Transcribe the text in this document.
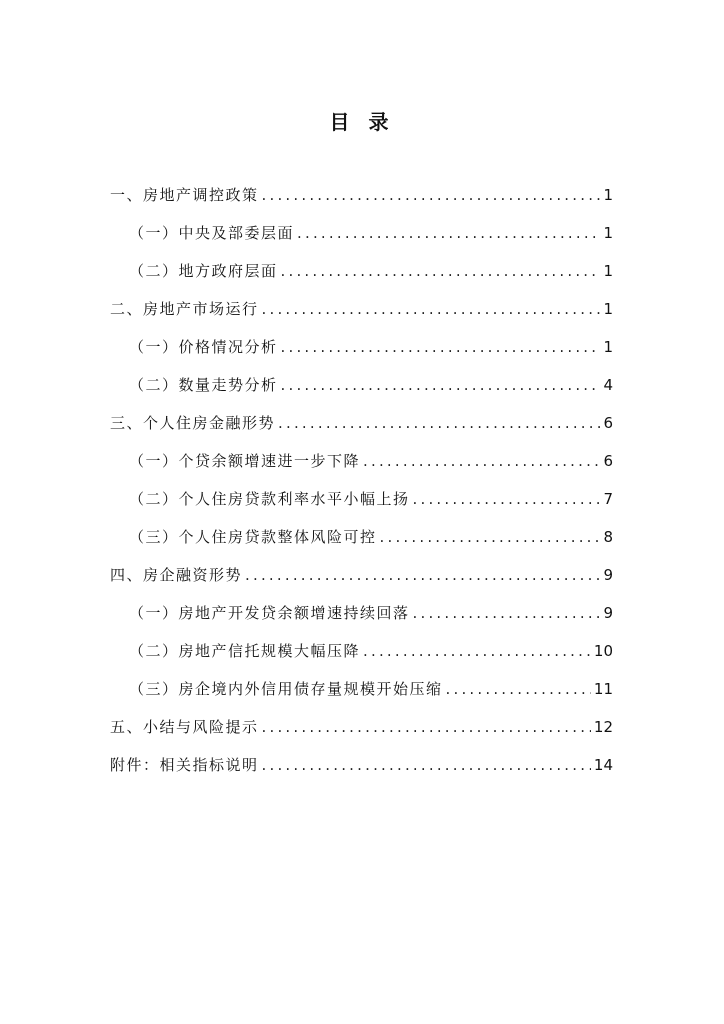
目 录
一、房地产调控政策 .....	1
（一）中央及部委层面 .....	1
（二）地方政府层面 .....	1
二、房地产市场运行 .....	1
（一）价格情况分析 .....	1
（二）数量走势分析 .....	4
三、个人住房金融形势 .....	6
（一）个贷余额增速进一步下降 .....	6
（二）个人住房贷款利率水平小幅上扬 .....	7
（三）个人住房贷款整体风险可控 .....	8
四、房企融资形势 .....	9
（一）房地产开发贷余额增速持续回落 .....	9
（二）房地产信托规模大幅压降 .....	10
（三）房企境内外信用债存量规模开始压缩 .....	11
五、小结与风险提示 .....	12
附件：相关指标说明 .....	14
